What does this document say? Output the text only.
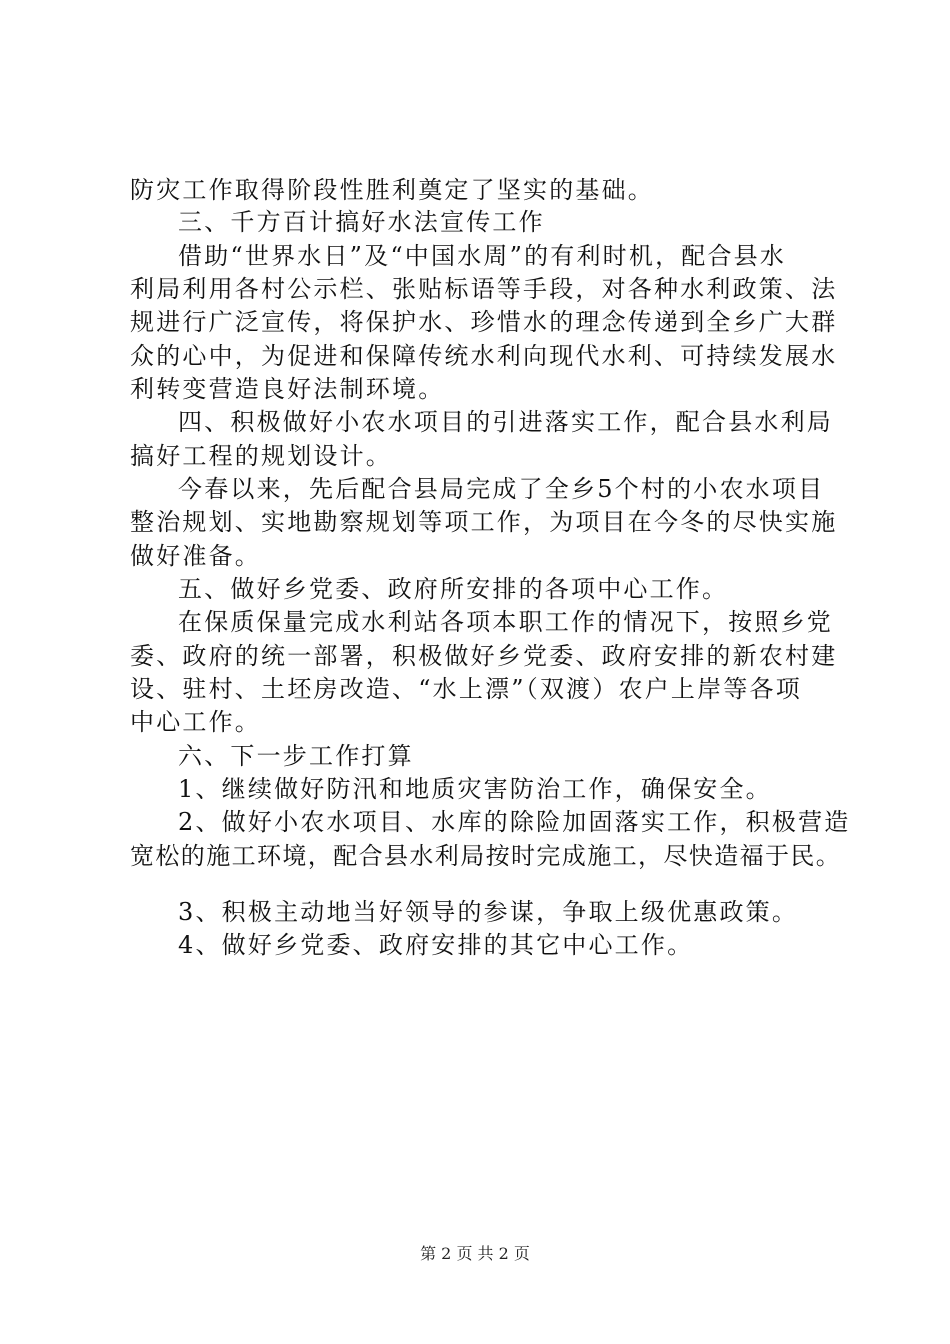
防灾工作取得阶段性胜利奠定了坚实的基础。
三、千方百计搞好水法宣传工作
借助“世界水日”及“中国水周”的有利时机，配合县水
利局利用各村公示栏、张贴标语等手段，对各种水利政策、法
规进行广泛宣传，将保护水、珍惜水的理念传递到全乡广大群
众的心中，为促进和保障传统水利向现代水利、可持续发展水
利转变营造良好法制环境。
四、积极做好小农水项目的引进落实工作，配合县水利局
搞好工程的规划设计。
今春以来，先后配合县局完成了全乡5个村的小农水项目
整治规划、实地勘察规划等项工作，为项目在今冬的尽快实施
做好准备。
五、做好乡党委、政府所安排的各项中心工作。
在保质保量完成水利站各项本职工作的情况下，按照乡党
委、政府的统一部署，积极做好乡党委、政府安排的新农村建
设、驻村、土坯房改造、“水上漂”（双渡）农户上岸等各项
中心工作。
六、下一步工作打算
1、继续做好防汛和地质灾害防治工作，确保安全。
2、做好小农水项目、水库的除险加固落实工作，积极营造
宽松的施工环境，配合县水利局按时完成施工，尽快造福于民。
3、积极主动地当好领导的参谋，争取上级优惠政策。
4、做好乡党委、政府安排的其它中心工作。
第 2 页 共 2 页
